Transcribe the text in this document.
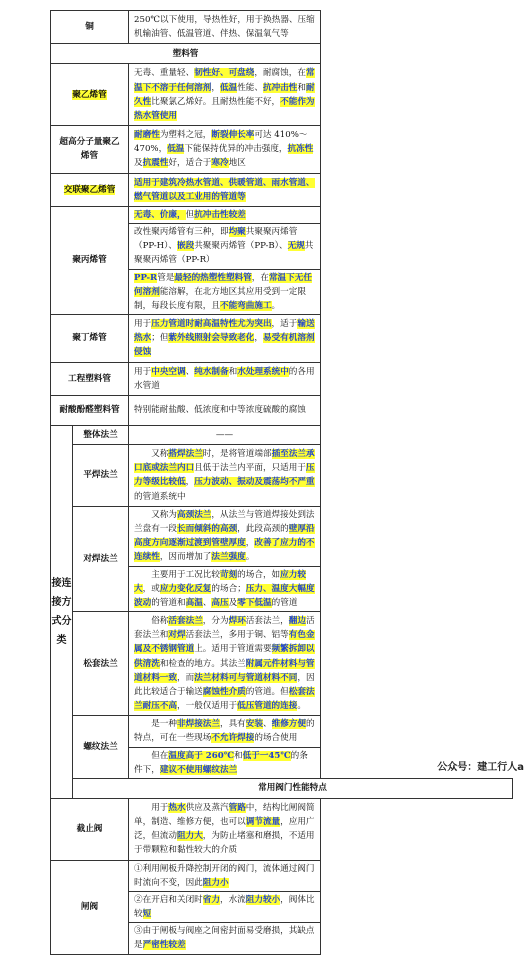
铜		250℃以下使用，导热性好，用于换热器、压缩机输油管、低温管道、伴热、保温氧气等
塑料管		
聚乙烯管		无毒、重量轻、韧性好、可盘绕，耐腐蚀，在常温下不溶于任何溶剂，低温性能、抗冲击性和耐久性比聚氯乙烯好。且耐热性能不好，不能作为热水管使用
超高分子量聚乙烯管		耐磨性为塑料之冠，断裂伸长率可达 410%～470%，低温下能保持优异的冲击强度，抗冻性及抗震性好，适合于寒冷地区
交联聚乙烯管		适用于建筑冷热水管道、供暖管道、雨水管道、燃气管道以及工业用的管道等
聚丙烯管		无毒、价廉，但抗冲击性较差
改性聚丙烯管有三种，即均聚共聚聚丙烯管（PP-H）、嵌段共聚聚丙烯管（PP-B）、无规共聚聚丙烯管（PP-R）
PP-R管是最轻的热塑性塑料管，在常温下无任何溶剂能溶解，在北方地区其应用受到一定限制，每段长度有限，且不能弯曲施工。

聚丁烯管		用于压力管道时耐高温特性尤为突出，适于输送热水；但紫外线照射会导致老化，易受有机溶剂侵蚀
工程塑料管		用于中央空调、纯水制备和水处理系统中的各用水管道
耐酸酚醛塑料管		特别能耐盐酸、低浓度和中等浓度硫酸的腐蚀
接连接方式分类	整体法兰	——
	平焊法兰	又称搭焊法兰时，是将管道端部插至法兰承口底或法兰内口且低于法兰内平面，只适用于压力等级比较低，压力波动、振动及震荡均不严重的管道系统中

	对焊法兰	又称为高颈法兰，从法兰与管道焊接处到法兰盘有一段长而倾斜的高颈，此段高颈的壁厚沿高度方向逐渐过渡到管壁厚度，改善了应力的不连续性，因而增加了法兰强度。
主要用于工况比较苛刻的场合，如应力较大，或应力变化反复的场合；压力、温度大幅度波动的管道和高温、高压及零下低温的管道

	松套法兰	俗称活套法兰，分为焊环活套法兰，翻边活套法兰和对焊活套法兰，多用于铜、铝等有色金属及不锈钢管道上。适用于管道需要频繁拆卸以供清洗和检查的地方。其法兰附属元件材料与管道材料一致，而法兰材料可与管道材料不同，因此比较适合于输送腐蚀性介质的管道。但松套法兰耐压不高，一般仅适用于低压管道的连接。

	螺纹法兰	是一种非焊接法兰，具有安装、维修方便的特点，可在一些现场不允许焊接的场合使用
但在温度高于 260℃和低于一45℃的条件下，建议不使用螺纹法兰

	常用阀门性能特点	
截止阀		用于热水供应及蒸汽管路中，结构比闸阀简单，制造、维修方便，也可以调节流量，应用广泛，但流动阻力大，为防止堵塞和磨损，不适用于带颗粒和黏性较大的介质

闸阀		①利用闸板升降控制开闭的阀门，流体通过阀门时流向不变，因此阻力小
②在开启和关闭时省力，水流阻力较小，阀体比较短
③由于闸板与阀座之间密封面易受磨损，其缺点是严密性较差
公众号：建工行人a
